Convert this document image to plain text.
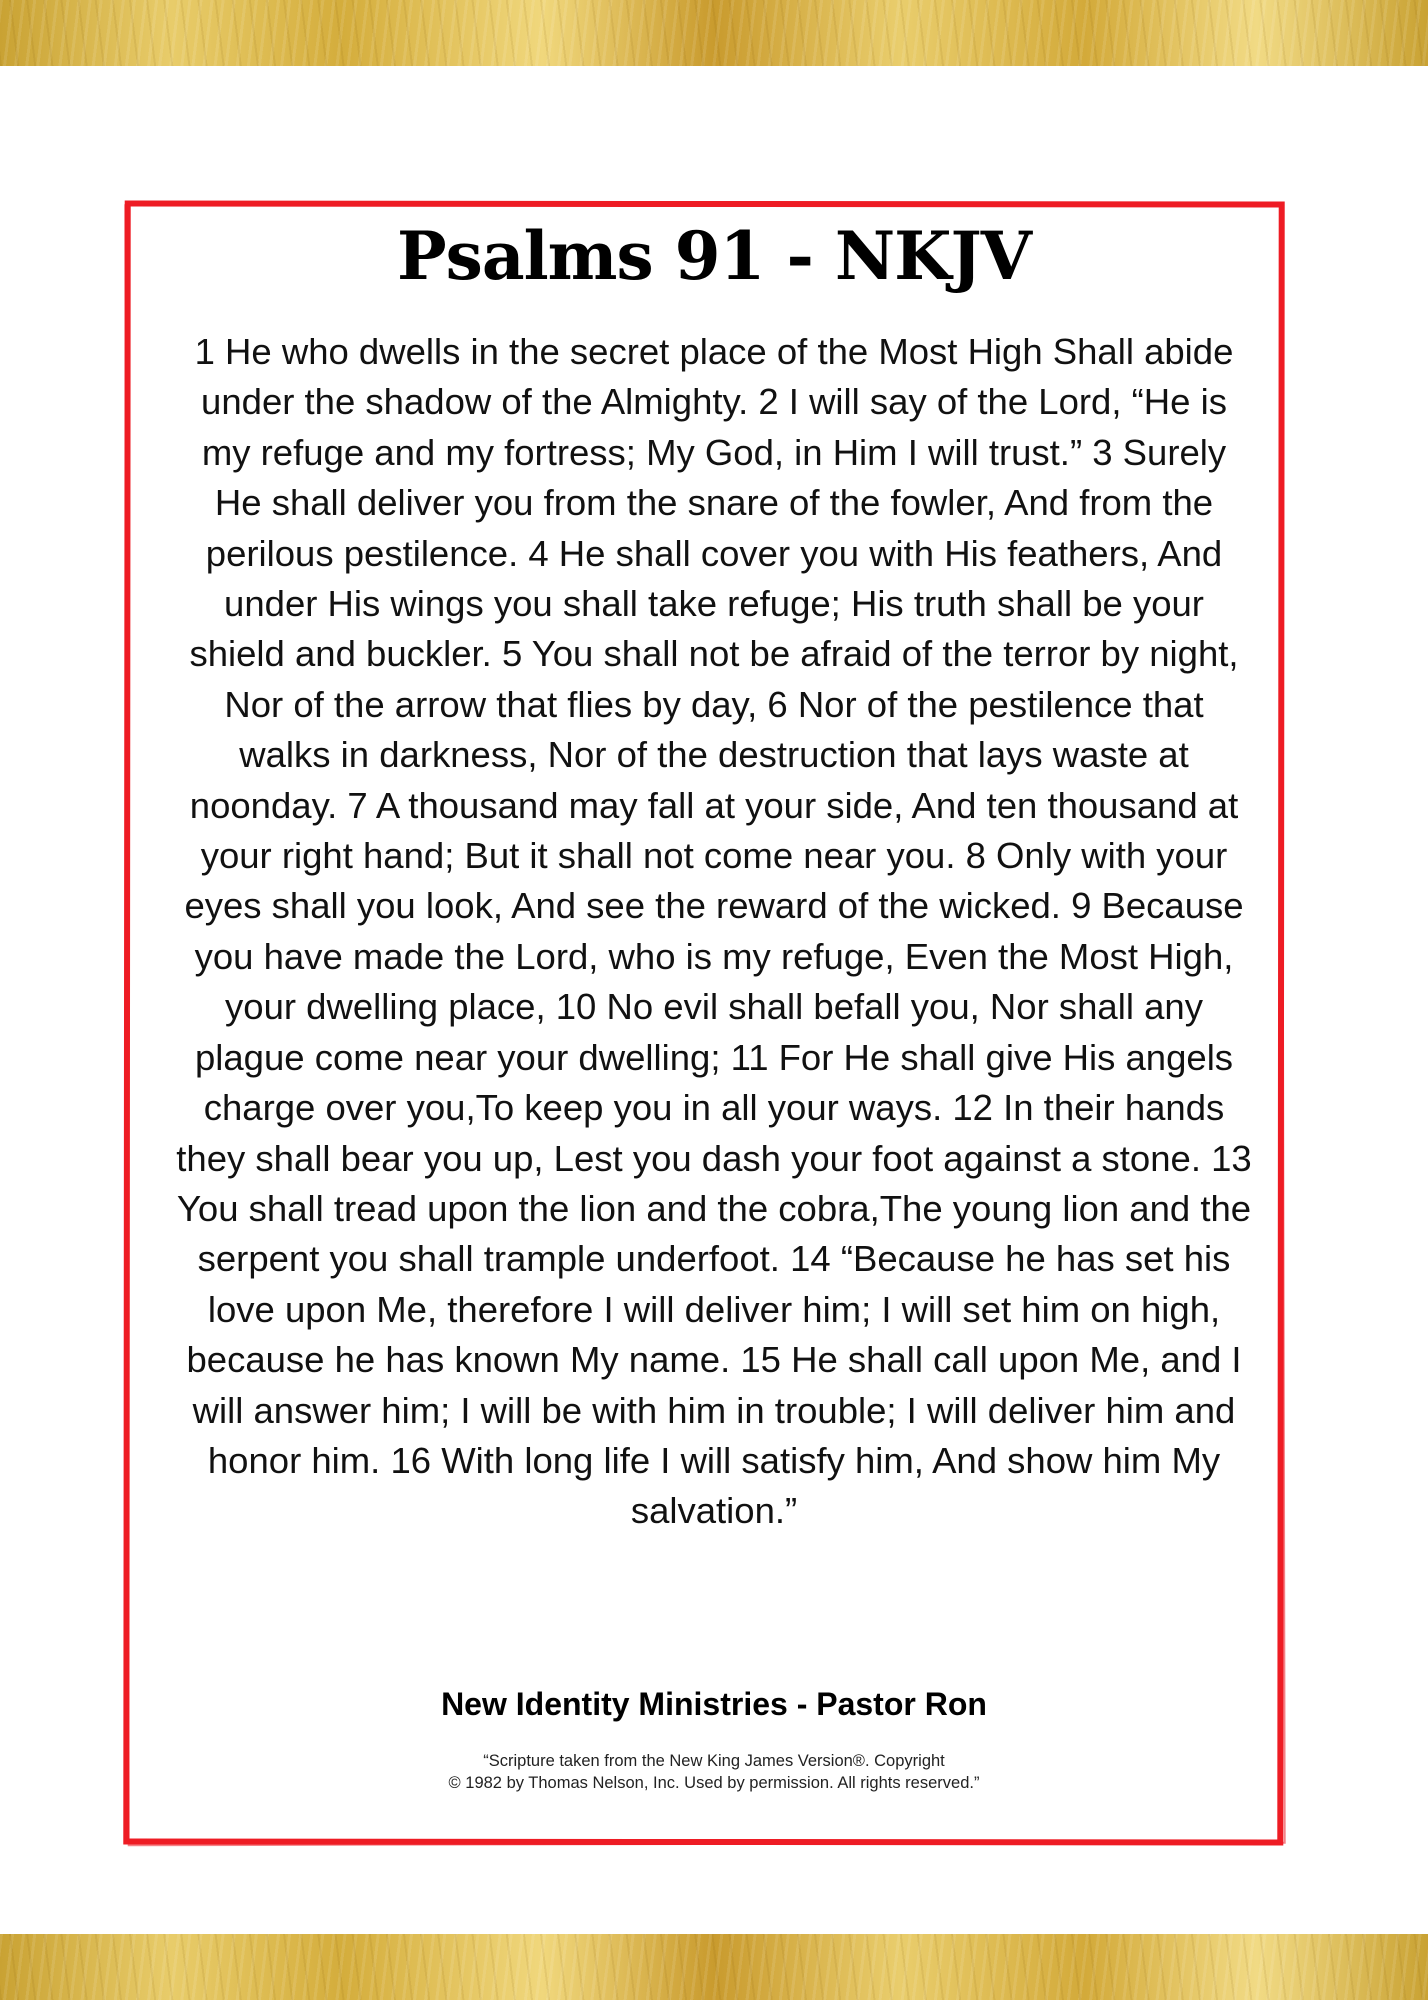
Psalms 91 - NKJV

1 He who dwells in the secret place of the Most High Shall abide under the shadow of the Almighty. 2 I will say of the Lord, “He is my refuge and my fortress; My God, in Him I will trust.” 3 Surely He shall deliver you from the snare of the fowler, And from the perilous pestilence. 4 He shall cover you with His feathers, And under His wings you shall take refuge; His truth shall be your shield and buckler. 5 You shall not be afraid of the terror by night, Nor of the arrow that flies by day, 6 Nor of the pestilence that walks in darkness, Nor of the destruction that lays waste at noonday. 7 A thousand may fall at your side, And ten thousand at your right hand; But it shall not come near you. 8 Only with your eyes shall you look, And see the reward of the wicked. 9 Because you have made the Lord, who is my refuge, Even the Most High, your dwelling place, 10 No evil shall befall you, Nor shall any plague come near your dwelling; 11 For He shall give His angels charge over you,To keep you in all your ways. 12 In their hands they shall bear you up, Lest you dash your foot against a stone. 13 You shall tread upon the lion and the cobra,The young lion and the serpent you shall trample underfoot. 14 “Because he has set his love upon Me, therefore I will deliver him; I will set him on high, because he has known My name. 15 He shall call upon Me, and I will answer him; I will be with him in trouble; I will deliver him and honor him. 16 With long life I will satisfy him, And show him My salvation.”

New Identity Ministries - Pastor Ron

“Scripture taken from the New King James Version®. Copyright
© 1982 by Thomas Nelson, Inc. Used by permission. All rights reserved.”
